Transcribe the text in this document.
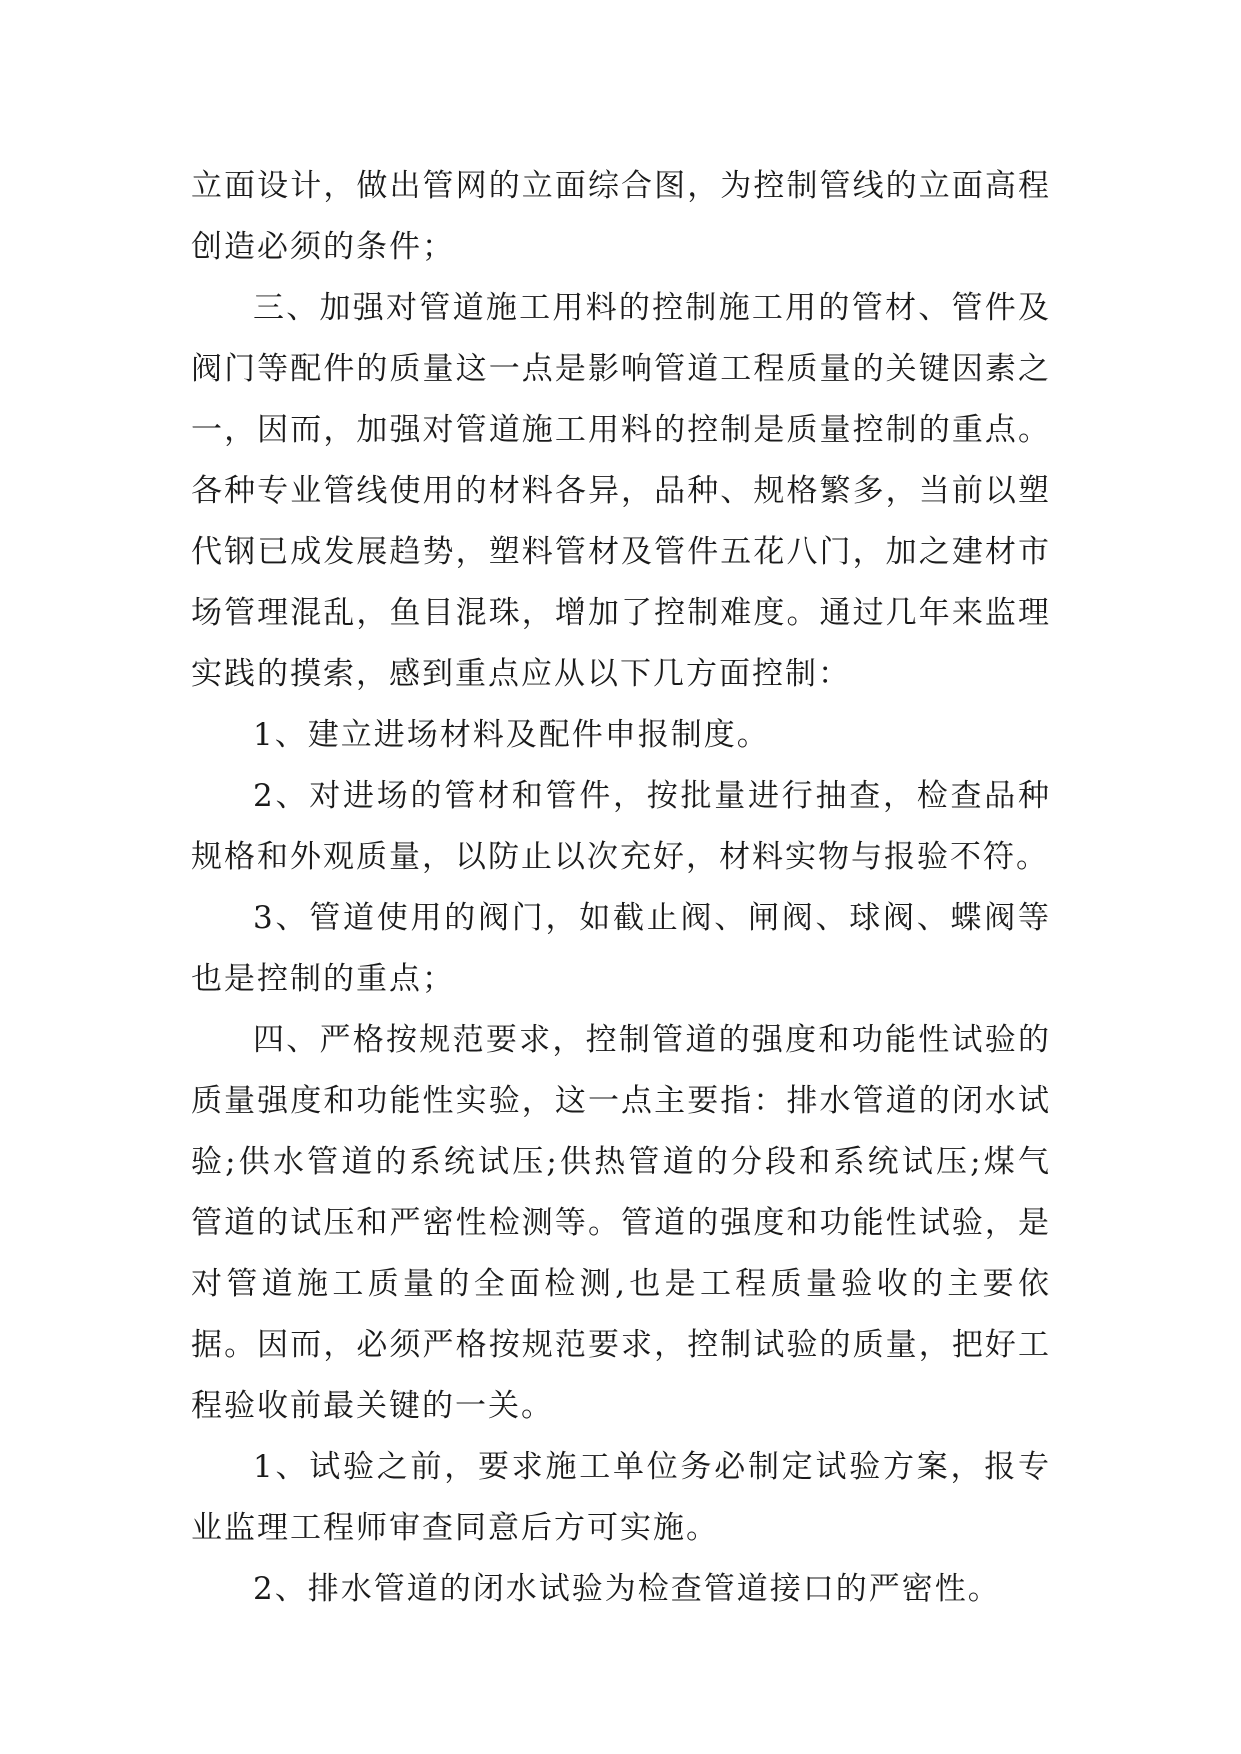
立面设计，做出管网的立面综合图，为控制管线的立面高程创造必须的条件；

三、加强对管道施工用料的控制施工用的管材、管件及阀门等配件的质量这一点是影响管道工程质量的关键因素之一，因而，加强对管道施工用料的控制是质量控制的重点。各种专业管线使用的材料各异，品种、规格繁多，当前以塑代钢已成发展趋势，塑料管材及管件五花八门，加之建材市场管理混乱，鱼目混珠，增加了控制难度。通过几年来监理实践的摸索，感到重点应从以下几方面控制：

1、建立进场材料及配件申报制度。

2、对进场的管材和管件，按批量进行抽查，检查品种规格和外观质量，以防止以次充好，材料实物与报验不符。

3、管道使用的阀门，如截止阀、闸阀、球阀、蝶阀等也是控制的重点；

四、严格按规范要求，控制管道的强度和功能性试验的质量强度和功能性实验，这一点主要指：排水管道的闭水试验;供水管道的系统试压;供热管道的分段和系统试压;煤气管道的试压和严密性检测等。管道的强度和功能性试验，是对管道施工质量的全面检测,也是工程质量验收的主要依据。因而，必须严格按规范要求，控制试验的质量，把好工程验收前最关键的一关。

1、试验之前，要求施工单位务必制定试验方案，报专业监理工程师审查同意后方可实施。

2、排水管道的闭水试验为检查管道接口的严密性。
